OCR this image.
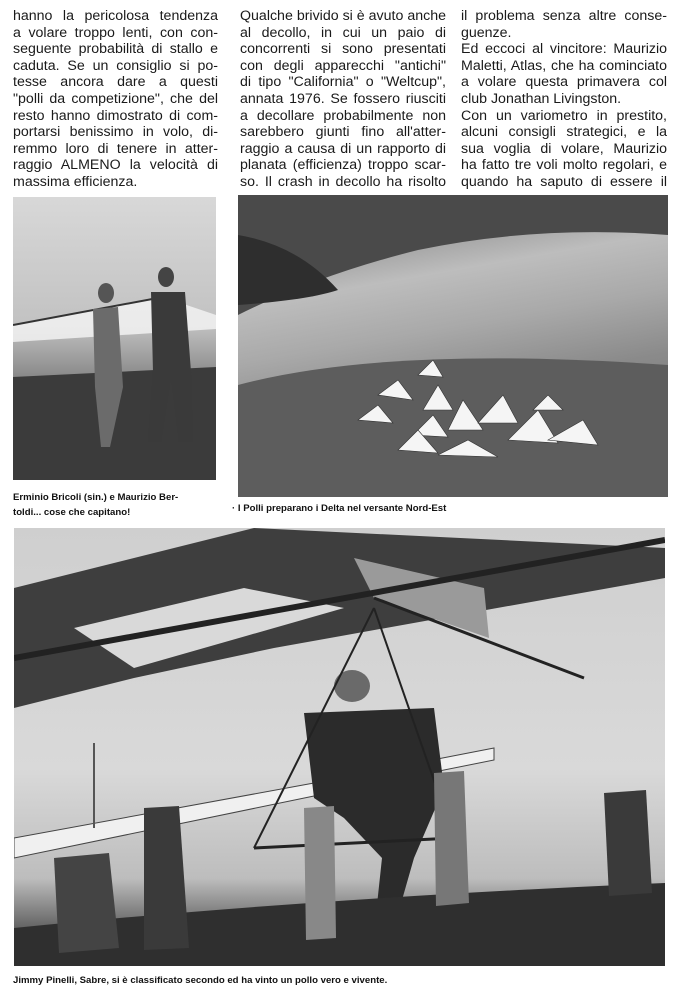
hanno la pericolosa tendenza
a volare troppo lenti, con con-
seguente probabilità di stallo e
caduta. Se un consiglio si po-
tesse ancora dare a questi
"polli da competizione", che del
resto hanno dimostrato di com-
portarsi benissimo in volo, di-
remmo loro di tenere in atter-
raggio ALMENO la velocità di
massima efficienza.
Qualche brivido si è avuto anche
al decollo, in cui un paio di
concorrenti si sono presentati
con degli apparecchi "antichi"
di tipo "California" o "Weltcup",
annata 1976. Se fossero riusciti
a decollare probabilmente non
sarebbero giunti fino all'atter-
raggio a causa di un rapporto di
planata (efficienza) troppo scar-
so. Il crash in decollo ha risolto
il problema senza altre conse-
guenze.
Ed eccoci al vincitore: Maurizio
Maletti, Atlas, che ha cominciato
a volare questa primavera col
club Jonathan Livingston.
Con un variometro in prestito,
alcuni consigli strategici, e la
sua voglia di volare, Maurizio
ha fatto tre voli molto regolari, e
quando ha saputo di essere il
Erminio Bricoli (sin.) e Maurizio Ber-
toldi... cose che capitano!	· I Polli preparano i Delta nel versante Nord-Est
Jimmy Pinelli, Sabre, si è classificato secondo ed ha vinto un pollo vero e vivente.
